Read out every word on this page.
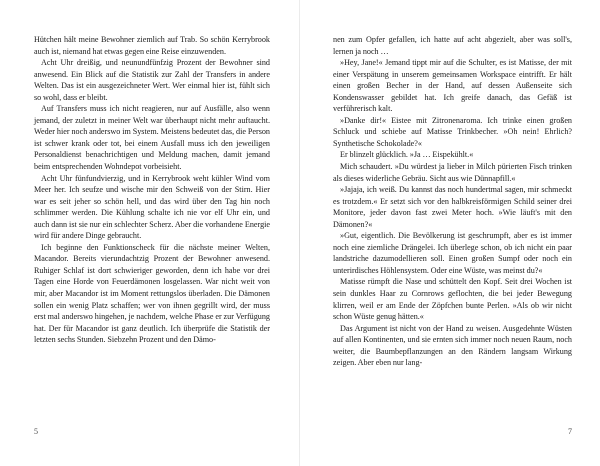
Hütchen hält meine Bewohner ziemlich auf Trab. So schön Kerrybrook auch ist, niemand hat etwas gegen eine Reise einzuwenden.

Acht Uhr dreißig, und neunundfünfzig Prozent der Bewohner sind anwesend. Ein Blick auf die Statistik zur Zahl der Transfers in andere Welten. Das ist ein ausgezeichneter Wert. Wer einmal hier ist, fühlt sich so wohl, dass er bleibt.

Auf Transfers muss ich nicht reagieren, nur auf Ausfälle, also wenn jemand, der zuletzt in meiner Welt war überhaupt nicht mehr auftaucht. Weder hier noch anderswo im System. Meistens bedeutet das, die Person ist schwer krank oder tot, bei einem Ausfall muss ich den jeweiligen Personaldienst benachrichtigen und Meldung machen, damit jemand beim entsprechenden Wohndepot vorbeisieht.

Acht Uhr fünfundvierzig, und in Kerrybrook weht kühler Wind vom Meer her. Ich seufze und wische mir den Schweiß von der Stirn. Hier war es seit jeher so schön hell, und das wird über den Tag hin noch schlimmer werden. Die Kühlung schalte ich nie vor elf Uhr ein, und auch dann ist sie nur ein schlechter Scherz. Aber die vorhandene Energie wird für andere Dinge gebraucht.

Ich beginne den Funktionscheck für die nächste meiner Welten, Macandor. Bereits vierundachtzig Prozent der Bewohner anwesend. Ruhiger Schlaf ist dort schwieriger geworden, denn ich habe vor drei Tagen eine Horde von Feuerdämonen losgelassen. War nicht weit von mir, aber Macandor ist im Moment rettungslos überladen. Die Dämonen sollen ein wenig Platz schaffen; wer von ihnen gegrillt wird, der muss erst mal anderswo hingehen, je nachdem, welche Phase er zur Verfügung hat. Der für Macandor ist ganz deutlich. Ich überprüfe die Statistik der letzten sechs Stunden. Siebzehn Prozent und den Dämo-

5

nen zum Opfer gefallen, ich hatte auf acht abgezielt, aber was soll's, lernen ja noch …

»Hey, Jane!« Jemand tippt mir auf die Schulter, es ist Matisse, der mit einer Verspätung in unserem gemeinsamen Workspace eintrifft. Er hält einen großen Becher in der Hand, auf dessen Außenseite sich Kondenswasser gebildet hat. Ich greife danach, das Gefäß ist verführerisch kalt.

»Danke dir!« Eistee mit Zitronenaroma. Ich trinke einen großen Schluck und schiebe auf Matisse Trinkbecher. »Oh nein! Ehrlich? Synthetische Schokolade?«

Er blinzelt glücklich. »Ja … Eispekühlt.«

Mich schaudert. »Du würdest ja lieber in Milch pürierten Fisch trinken als dieses widerliche Gebräu. Sicht aus wie Dünnapfill.«

»Jajaja, ich weiß. Du kannst das noch hundertmal sagen, mir schmeckt es trotzdem.« Er setzt sich vor den halbkreisförmigen Schild seiner drei Monitore, jeder davon fast zwei Meter hoch. »Wie läuft's mit den Dämonen?«

»Gut, eigentlich. Die Bevölkerung ist geschrumpft, aber es ist immer noch eine ziemliche Drängelei. Ich überlege schon, ob ich nicht ein paar landstriche dazumodellieren soll. Einen großen Sumpf oder noch ein unterirdisches Höhlensystem. Oder eine Wüste, was meinst du?«

Matisse rümpft die Nase und schüttelt den Kopf. Seit drei Wochen ist sein dunkles Haar zu Cornrows geflochten, die bei jeder Bewegung klirren, weil er am Ende der Zöpfchen bunte Perlen. »Als ob wir nicht schon Wüste genug hätten.«

Das Argument ist nicht von der Hand zu weisen. Ausgedehnte Wüsten auf allen Kontinenten, und sie ernten sich immer noch neuen Raum, noch weiter, die Baumbepflanzungen an den Rändern langsam Wirkung zeigen. Aber eben nur lang-

7
